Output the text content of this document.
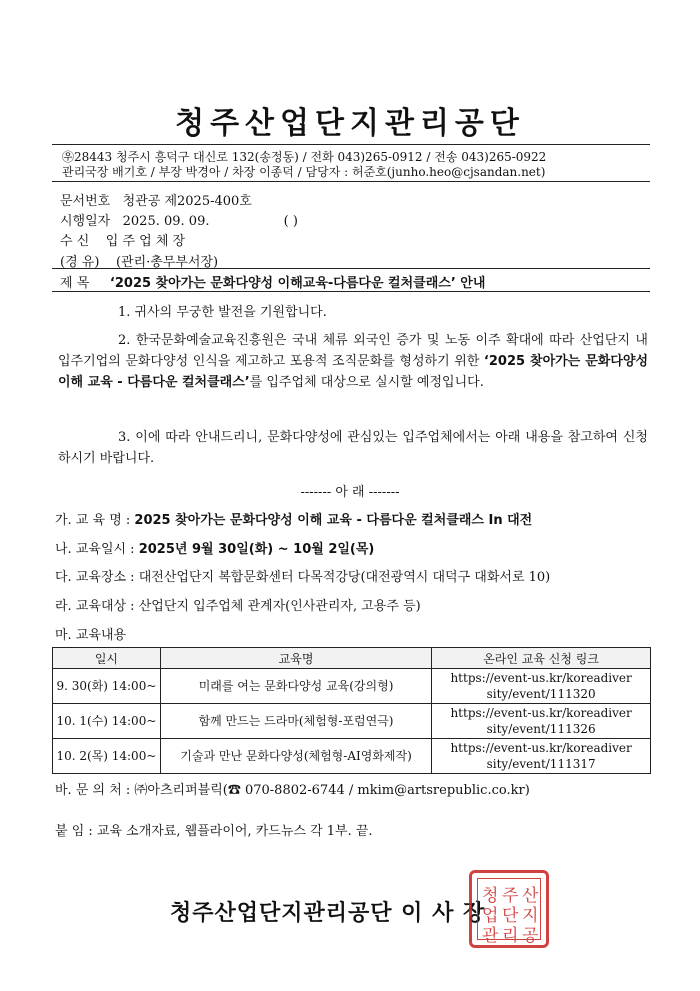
청주산업단지관리공단
㉾28443 청주시 흥덕구 대신로 132(송정동) / 전화 043)265-0912 / 전송 043)265-0922
관리국장 배기호 / 부장 박경아 / 차장 이종덕 / 담당자 : 허준호(junho.heo@cjsandan.net)
문서번호 청관공 제2025-400호
시행일자 2025. 09. 09.	( )
수 신 입 주 업 체 장
(경 유) (관리·총무부서장)
제 목 ‘2025 찾아가는 문화다양성 이해교육-다름다운 컬처클래스’ 안내
1. 귀사의 무궁한 발전을 기원합니다.
2. 한국문화예술교육진흥원은 국내 체류 외국인 증가 및 노동 이주 확대에 따라 산업단지 내 입주기업의 문화다양성 인식을 제고하고 포용적 조직문화를 형성하기 위한 ‘2025 찾아가는 문화다양성 이해 교육 - 다름다운 컬처클래스’를 입주업체 대상으로 실시할 예정입니다.
3. 이에 따라 안내드리니, 문화다양성에 관심있는 입주업체에서는 아래 내용을 참고하여 신청하시기 바랍니다.
------- 아 래 -------
가. 교 육 명 : 2025 찾아가는 문화다양성 이해 교육 - 다름다운 컬처클래스 In 대전
나. 교육일시 : 2025년 9월 30일(화) ~ 10월 2일(목)
다. 교육장소 : 대전산업단지 복합문화센터 다목적강당(대전광역시 대덕구 대화서로 10)
라. 교육대상 : 산업단지 입주업체 관계자(인사관리자, 고용주 등)
마. 교육내용
일시	교육명	온라인 교육 신청 링크
9. 30(화) 14:00~	미래를 여는 문화다양성 교육(강의형)	https://event-us.kr/koreadiver
sity/event/111320
10. 1(수) 14:00~	함께 만드는 드라마(체험형-포럼연극)	https://event-us.kr/koreadiver
sity/event/111326
10. 2(목) 14:00~	기술과 만난 문화다양성(체험형-AI영화제작)	https://event-us.kr/koreadiver
sity/event/111317
바. 문 의 처 : ㈜아츠리퍼블릭(☎ 070-8802-6744 / mkim@artsrepublic.co.kr)
붙 임 : 교육 소개자료, 웹플라이어, 카드뉴스 각 1부. 끝.
청주산업단지관리공단 이 사 장
청 주 산
업 단 지
관 리 공
